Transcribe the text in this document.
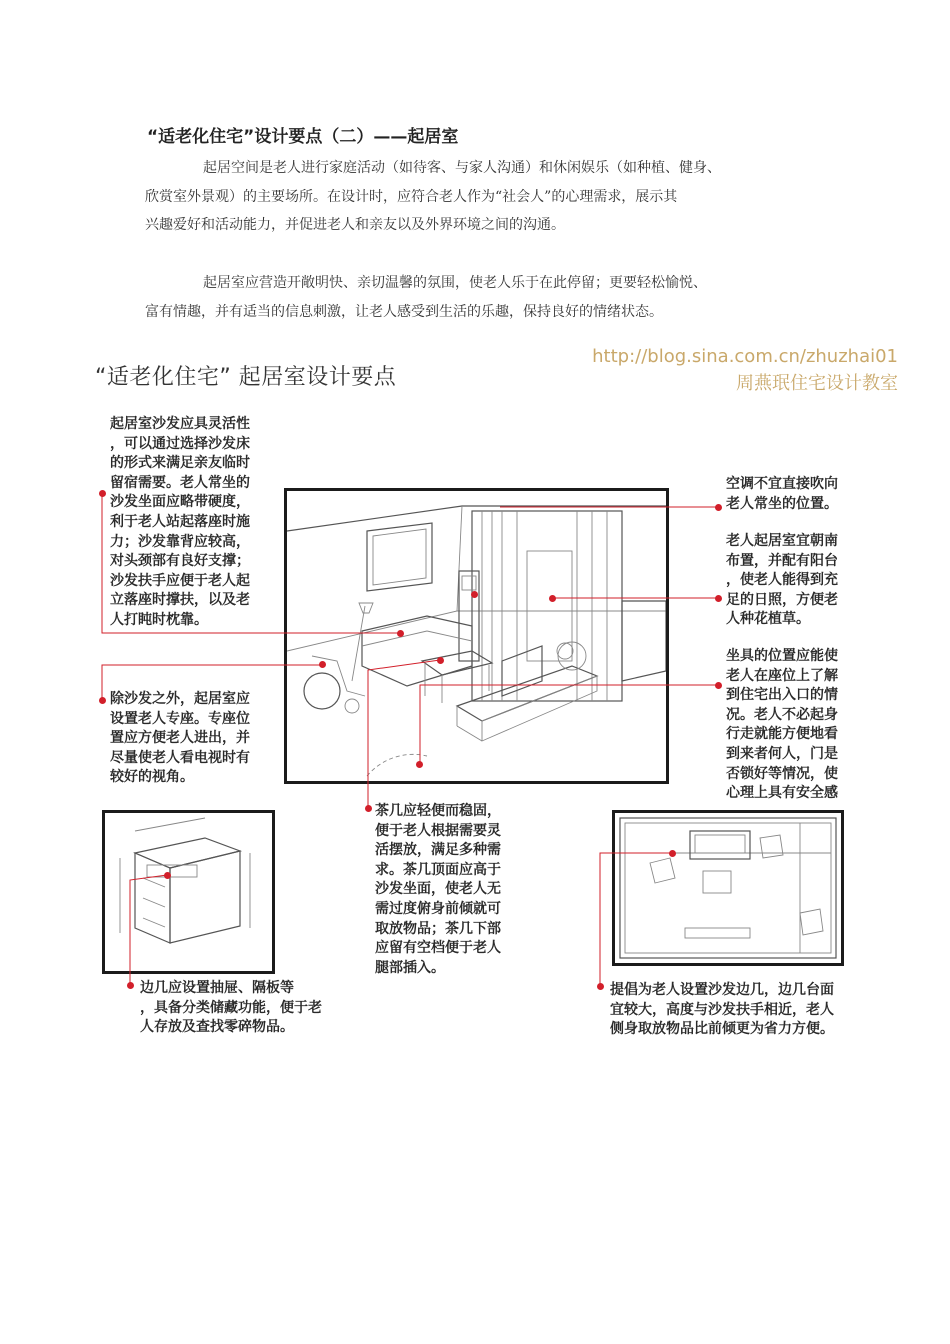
“适老化住宅”设计要点（二）——起居室

起居空间是老人进行家庭活动（如待客、与家人沟通）和休闲娱乐（如种植、健身、

欣赏室外景观）的主要场所。在设计时，应符合老人作为“社会人”的心理需求，展示其

兴趣爱好和活动能力，并促进老人和亲友以及外界环境之间的沟通。

起居室应营造开敞明快、亲切温馨的氛围，使老人乐于在此停留；更要轻松愉悦、

富有情趣，并有适当的信息刺激，让老人感受到生活的乐趣，保持良好的情绪状态。

“适老化住宅” 起居室设计要点
http://blog.sina.com.cn/zhuzhai01
周燕珉住宅设计教室

起居室沙发应具灵活性

，可以通过选择沙发床

的形式来满足亲友临时

留宿需要。老人常坐的

沙发坐面应略带硬度，

利于老人站起落座时施

力；沙发靠背应较高，

对头颈部有良好支撑；

沙发扶手应便于老人起

立落座时撑扶，以及老

人打盹时枕靠。

除沙发之外，起居室应

设置老人专座。专座位

置应方便老人进出，并

尽量使老人看电视时有

较好的视角。

空调不宜直接吹向

老人常坐的位置。

老人起居室宜朝南

布置，并配有阳台

，使老人能得到充

足的日照，方便老

人种花植草。

坐具的位置应能使

老人在座位上了解

到住宅出入口的情

况。老人不必起身

行走就能方便地看

到来者何人，门是

否锁好等情况，使

心理上具有安全感

茶几应轻便而稳固，

便于老人根据需要灵

活摆放，满足多种需

求。茶几顶面应高于

沙发坐面，使老人无

需过度俯身前倾就可

取放物品；茶几下部

应留有空档便于老人

腿部插入。

边几应设置抽屉、隔板等

，具备分类储藏功能，便于老

人存放及查找零碎物品。

提倡为老人设置沙发边几，边几台面

宜较大，高度与沙发扶手相近，老人

侧身取放物品比前倾更为省力方便。
